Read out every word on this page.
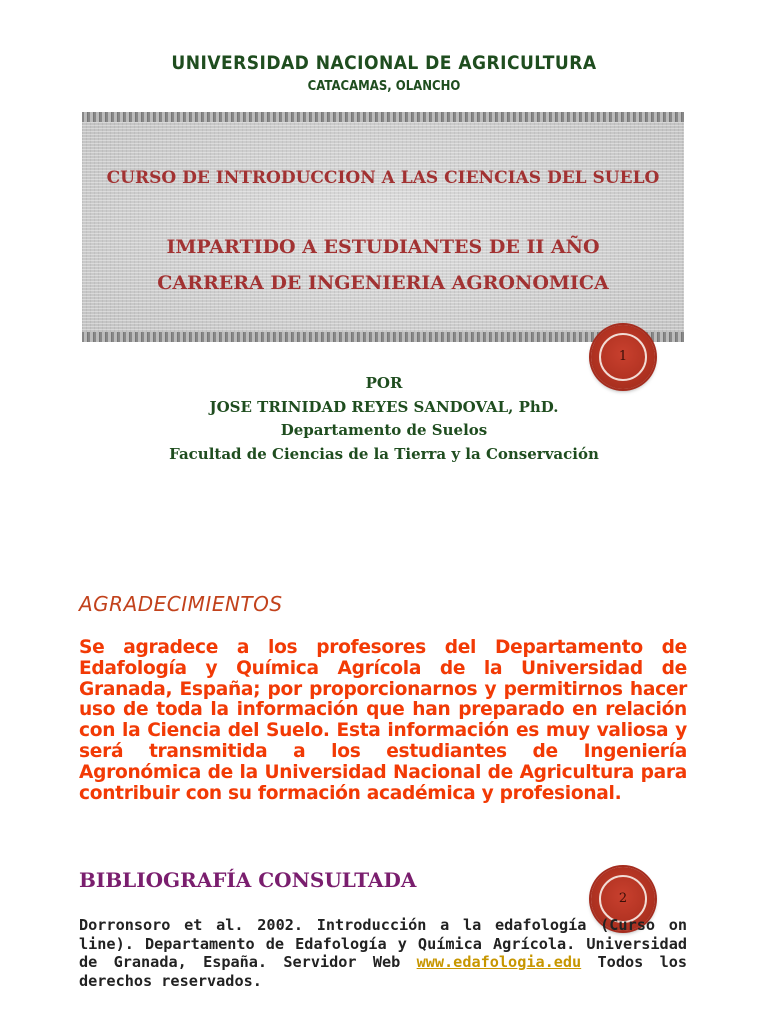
UNIVERSIDAD NACIONAL DE AGRICULTURA
CATACAMAS, OLANCHO
CURSO DE INTRODUCCION A LAS CIENCIAS DEL SUELO
IMPARTIDO A ESTUDIANTES DE II AÑO
CARRERA DE INGENIERIA AGRONOMICA
1
POR
JOSE TRINIDAD REYES SANDOVAL, PhD.
Departamento de Suelos
Facultad de Ciencias de la Tierra y la Conservación
AGRADECIMIENTOS
Se agradece a los profesores del Departamento de Edafología y Química Agrícola de la Universidad de Granada, España; por proporcionarnos y permitirnos hacer uso de toda la información que han preparado en relación con la Ciencia del Suelo. Esta información es muy valiosa y será transmitida a los estudiantes de Ingeniería Agronómica de la Universidad Nacional de Agricultura para contribuir con su formación académica y profesional.
BIBLIOGRAFÍA CONSULTADA
2
Dorronsoro et al. 2002. Introducción a la edafología (Curso on line). Departamento de Edafología y Química Agrícola. Universidad de Granada, España. Servidor Web www.edafologia.edu Todos los derechos reservados.
